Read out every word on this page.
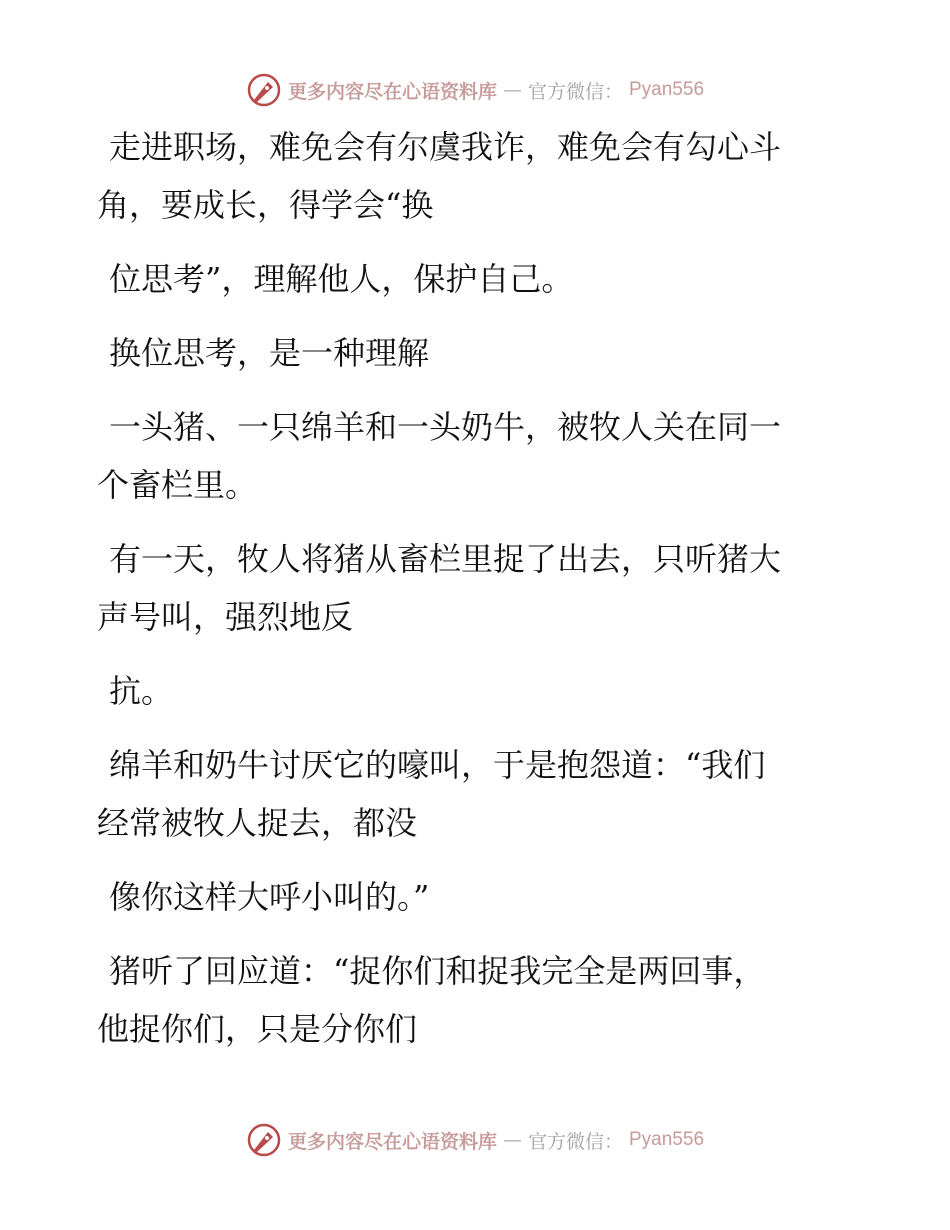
更多内容尽在心语资料库 — 官方微信： Pyan556
走进职场，难免会有尔虞我诈，难免会有勾心斗
角，要成长，得学会“换
位思考”，理解他人，保护自己。
换位思考，是一种理解
一头猪、一只绵羊和一头奶牛，被牧人关在同一
个畜栏里。
有一天，牧人将猪从畜栏里捉了出去，只听猪大
声号叫，强烈地反
抗。
绵羊和奶牛讨厌它的嚎叫，于是抱怨道：“我们
经常被牧人捉去，都没
像你这样大呼小叫的。”
猪听了回应道：“捉你们和捉我完全是两回事，
他捉你们，只是分你们
更多内容尽在心语资料库 — 官方微信： Pyan556
